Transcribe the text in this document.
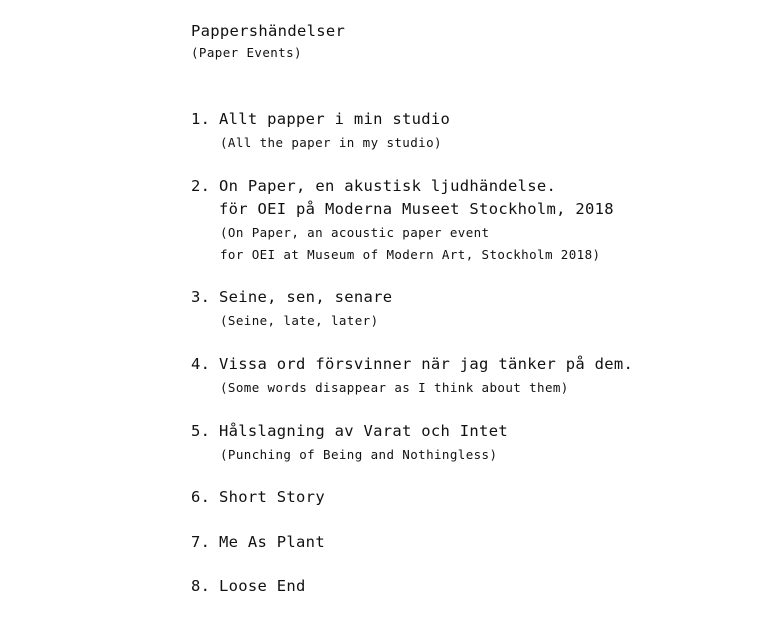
Pappershändelser
(Paper Events)
1. Allt papper i min studio
(All the paper in my studio)
2. On Paper, en akustisk ljudhändelse.
för OEI på Moderna Museet Stockholm, 2018
(On Paper, an acoustic paper event
for OEI at Museum of Modern Art, Stockholm 2018)
3. Seine, sen, senare
(Seine, late, later)
4. Vissa ord försvinner när jag tänker på dem.
(Some words disappear as I think about them)
5. Hålslagning av Varat och Intet
(Punching of Being and Nothingless)
6. Short Story
7. Me As Plant
8. Loose End
